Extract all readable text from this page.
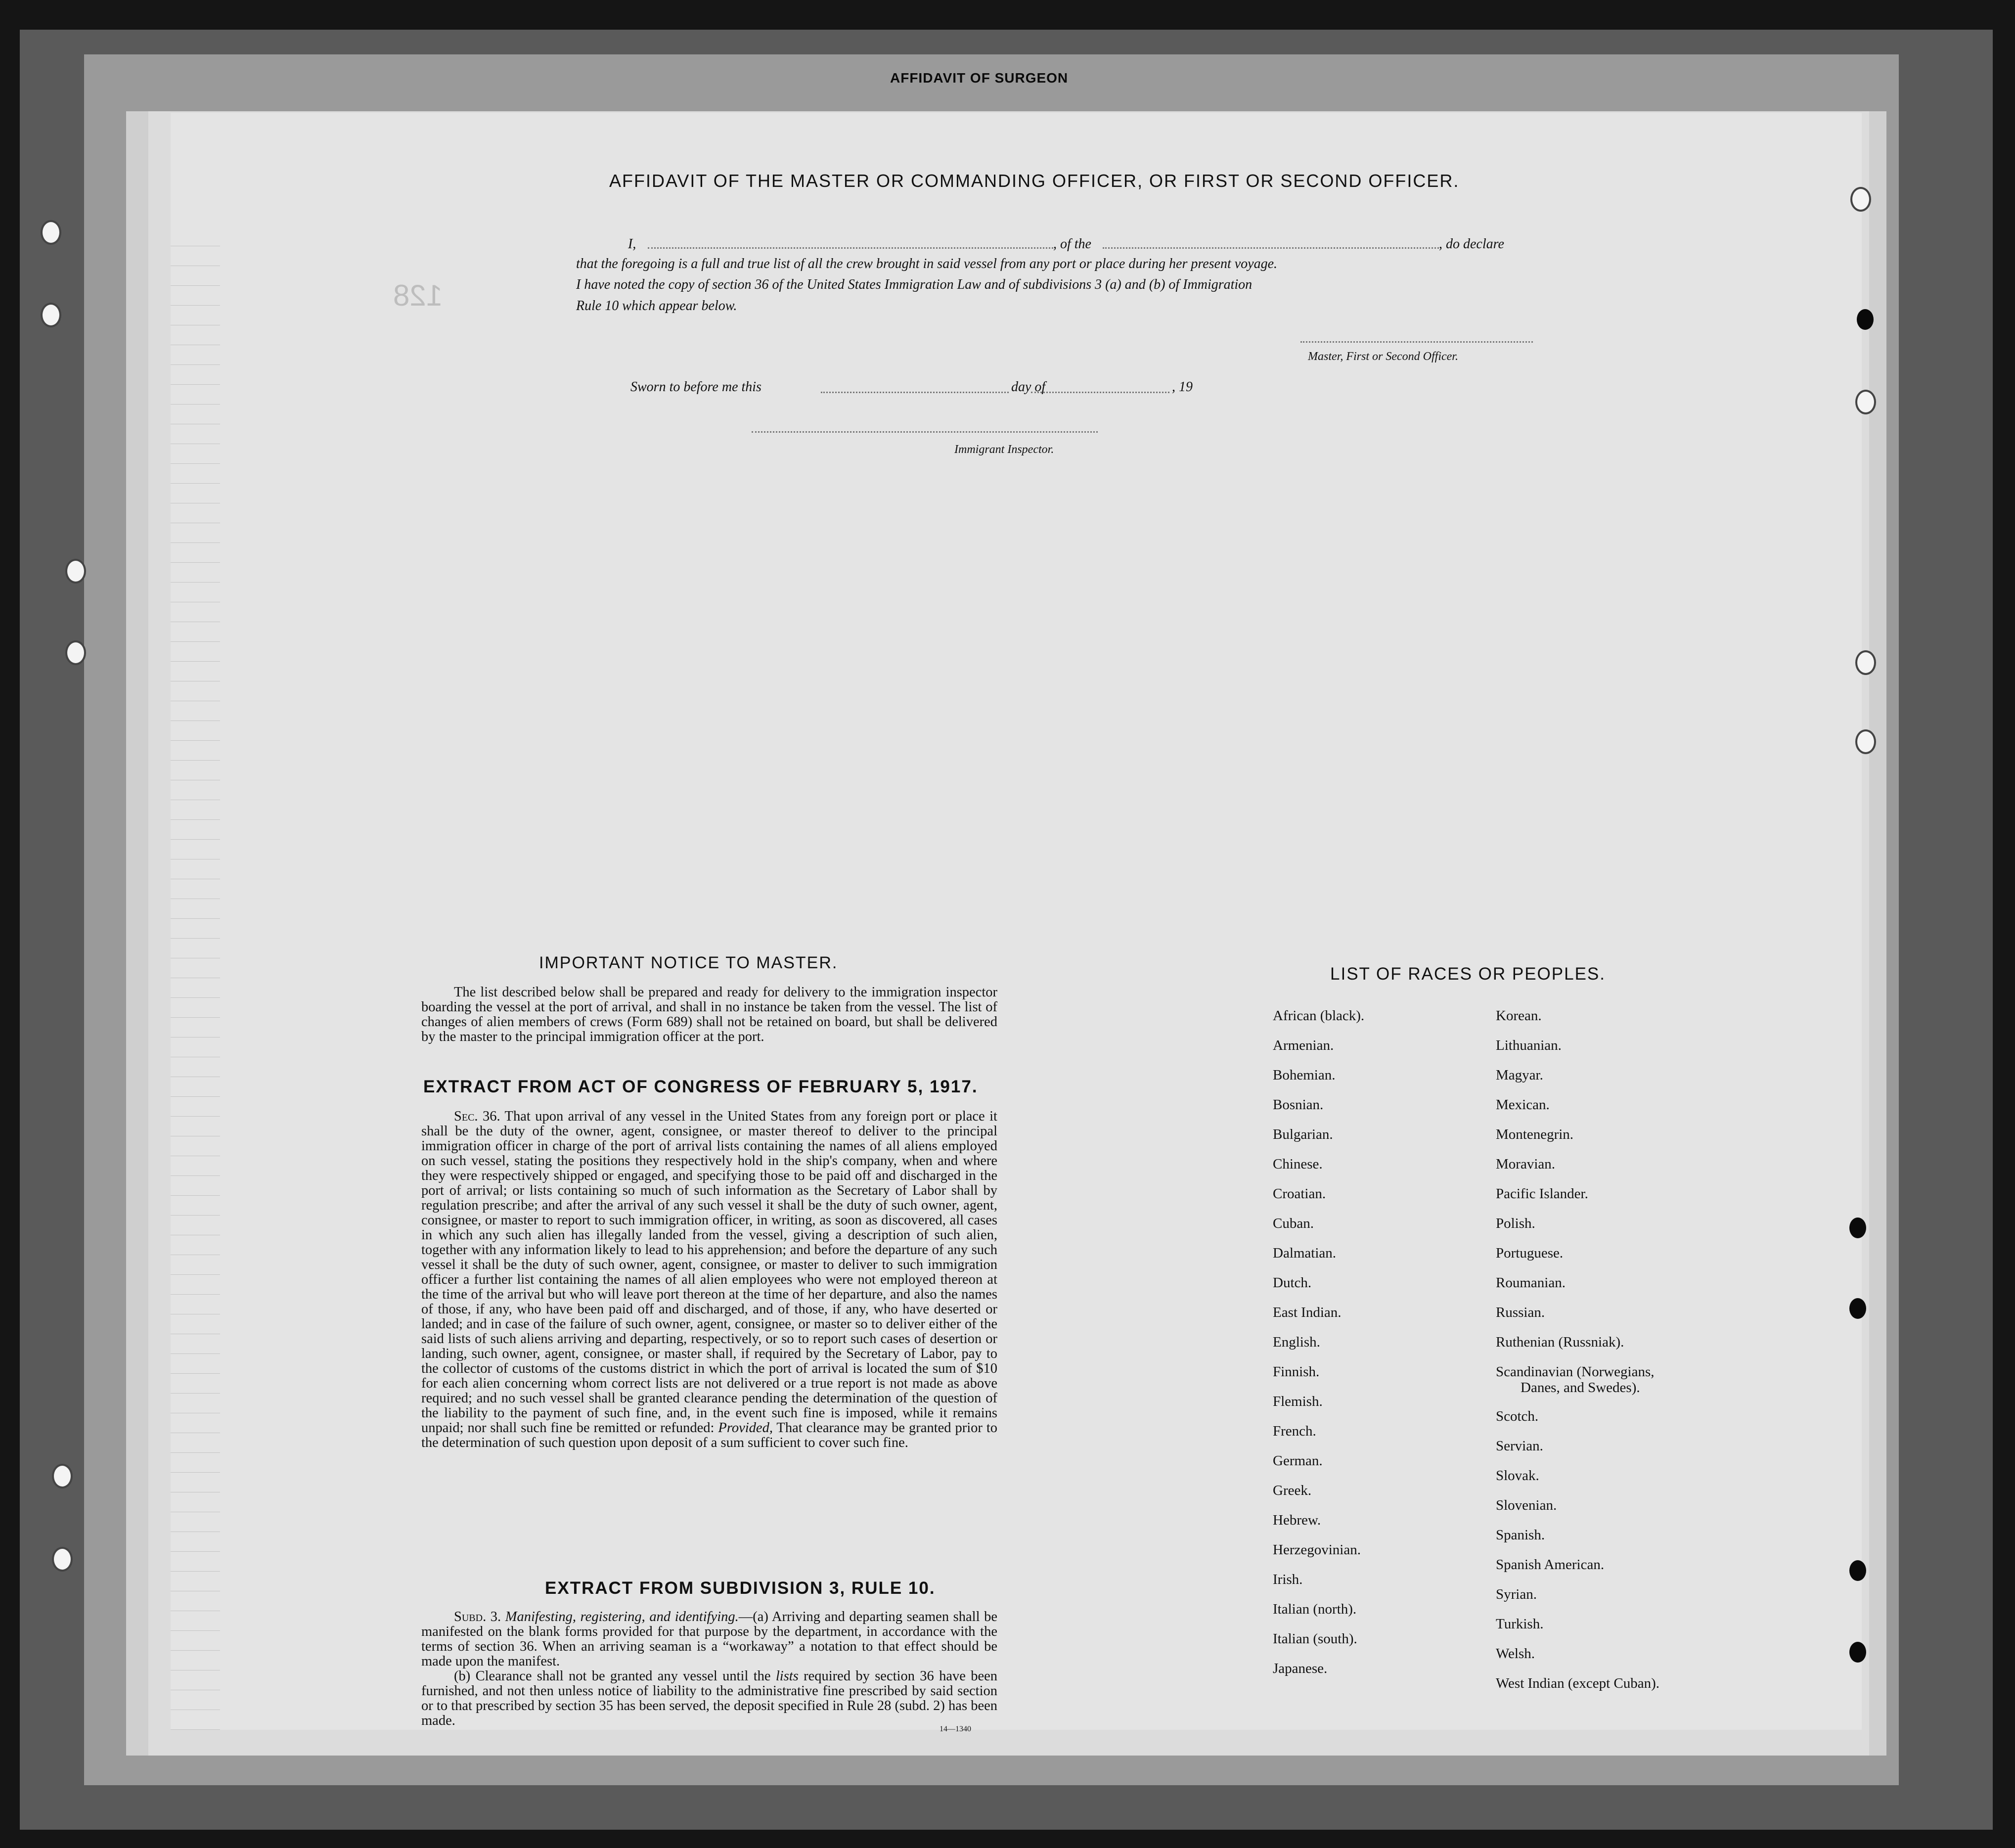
AFFIDAVIT OF SURGEON
128
AFFIDAVIT OF THE MASTER OR COMMANDING OFFICER, OR FIRST OR SECOND OFFICER.
I,	, of the	, do declare
that the foregoing is a full and true list of all the crew brought in said vessel from any port or place during her present voyage.
I have noted the copy of section 36 of the United States Immigration Law and of subdivisions 3 (a) and (b) of Immigration
Rule 10 which appear below.
Master, First or Second Officer.
Sworn to before me this	day of	, 19
Immigrant Inspector.
IMPORTANT NOTICE TO MASTER.
The list described below shall be prepared and ready for delivery to the immigration inspector boarding the vessel at the port of arrival, and shall in no instance be taken from the vessel. The list of changes of alien members of crews (Form 689) shall not be retained on board, but shall be delivered by the master to the principal immigration officer at the port.
EXTRACT FROM ACT OF CONGRESS OF FEBRUARY 5, 1917.
Sec. 36. That upon arrival of any vessel in the United States from any foreign port or place it shall be the duty of the owner, agent, consignee, or master thereof to deliver to the principal immigration officer in charge of the port of arrival lists containing the names of all aliens employed on such vessel, stating the positions they respectively hold in the ship's company, when and where they were respectively shipped or engaged, and specifying those to be paid off and discharged in the port of arrival; or lists containing so much of such information as the Secretary of Labor shall by regulation prescribe; and after the arrival of any such vessel it shall be the duty of such owner, agent, consignee, or master to report to such immigration officer, in writing, as soon as discovered, all cases in which any such alien has illegally landed from the vessel, giving a description of such alien, together with any information likely to lead to his apprehension; and before the departure of any such vessel it shall be the duty of such owner, agent, consignee, or master to deliver to such immigration officer a further list containing the names of all alien employees who were not employed thereon at the time of the arrival but who will leave port thereon at the time of her departure, and also the names of those, if any, who have been paid off and discharged, and of those, if any, who have deserted or landed; and in case of the failure of such owner, agent, consignee, or master so to deliver either of the said lists of such aliens arriving and departing, respectively, or so to report such cases of desertion or landing, such owner, agent, consignee, or master shall, if required by the Secretary of Labor, pay to the collector of customs of the customs district in which the port of arrival is located the sum of $10 for each alien concerning whom correct lists are not delivered or a true report is not made as above required; and no such vessel shall be granted clearance pending the determination of the question of the liability to the payment of such fine, and, in the event such fine is imposed, while it remains unpaid; nor shall such fine be remitted or refunded: Provided, That clearance may be granted prior to the determination of such question upon deposit of a sum sufficient to cover such fine.
EXTRACT FROM SUBDIVISION 3, RULE 10.

Subd. 3. Manifesting, registering, and identifying.—(a) Arriving and departing seamen shall be manifested on the blank forms provided for that purpose by the department, in accordance with the terms of section 36. When an arriving seaman is a “workaway” a notation to that effect should be made upon the manifest.

(b) Clearance shall not be granted any vessel until the lists required by section 36 have been furnished, and not then unless notice of liability to the administrative fine prescribed by said section or to that prescribed by section 35 has been served, the deposit specified in Rule 28 (subd. 2) has been made.

14—1340
LIST OF RACES OR PEOPLES.
African (black).
Armenian.
Bohemian.
Bosnian.
Bulgarian.
Chinese.
Croatian.
Cuban.
Dalmatian.
Dutch.
East Indian.
English.
Finnish.
Flemish.
French.
German.
Greek.
Hebrew.
Herzegovinian.
Irish.
Italian (north).
Italian (south).
Japanese.
Korean.
Lithuanian.
Magyar.
Mexican.
Montenegrin.
Moravian.
Pacific Islander.
Polish.
Portuguese.
Roumanian.
Russian.
Ruthenian (Russniak).
Scandinavian (Norwegians,
Danes, and Swedes).
Scotch.
Servian.
Slovak.
Slovenian.
Spanish.
Spanish American.
Syrian.
Turkish.
Welsh.
West Indian (except Cuban).
